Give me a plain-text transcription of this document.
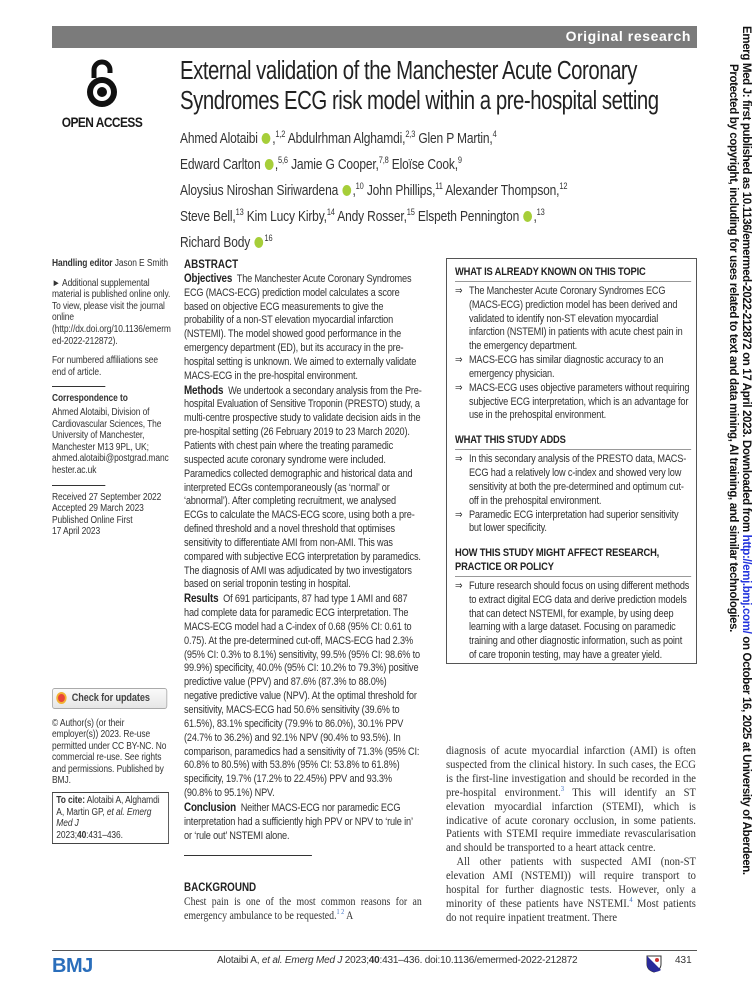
Original research
OPEN ACCESS
External validation of the Manchester Acute Coronary Syndromes ECG risk model within a pre-hospital setting
Ahmed Alotaibi ,$^{1,2}$ Abdulrhman Alghamdi,$^{2,3}$ Glen P Martin,$^4$
Edward Carlton ,$^{5,6}$ Jamie G Cooper,$^{7,8}$ Eloïse Cook,$^9$
Aloysius Niroshan Siriwardena ,$^{10}$ John Phillips,$^{11}$ Alexander Thompson,$^{12}$
Steve Bell,$^{13}$ Kim Lucy Kirby,$^{14}$ Andy Rosser,$^{15}$ Elspeth Pennington ,$^{13}$
Richard Body $^{16}$

Handling editor Jason E Smith

► Additional supplemental material is published online only. To view, please visit the journal online (http://dx.doi.org/10.1136/emermed-2022-212872).

For numbered affiliations see end of article.

Correspondence to

Ahmed Alotaibi, Division of Cardiovascular Sciences, The University of Manchester, Manchester M13 9PL, UK; ahmed.alotaibi@postgrad.manchester.ac.uk

Received 27 September 2022
Accepted 29 March 2023
Published Online First
17 April 2023

Check for updates
© Author(s) (or their employer(s)) 2023. Re-use permitted under CC BY-NC. No commercial re-use. See rights and permissions. Published by BMJ.
To cite: Alotaibi A, Alghamdi A, Martin GP, et al. Emerg Med J
2023;40:431–436.
ABSTRACT

Objectives The Manchester Acute Coronary Syndromes ECG (MACS-ECG) prediction model calculates a score based on objective ECG measurements to give the probability of a non-ST elevation myocardial infarction (NSTEMI). The model showed good performance in the emergency department (ED), but its accuracy in the pre-hospital setting is unknown. We aimed to externally validate MACS-ECG in the pre-hospital environment.

Methods We undertook a secondary analysis from the Pre-hospital Evaluation of Sensitive Troponin (PRESTO) study, a multi-centre prospective study to validate decision aids in the pre-hospital setting (26 February 2019 to 23 March 2020). Patients with chest pain where the treating paramedic suspected acute coronary syndrome were included. Paramedics collected demographic and historical data and interpreted ECGs contemporaneously (as ‘normal’ or ‘abnormal’). After completing recruitment, we analysed ECGs to calculate the MACS-ECG score, using both a pre-defined threshold and a novel threshold that optimises sensitivity to differentiate AMI from non-AMI. This was compared with subjective ECG interpretation by paramedics. The diagnosis of AMI was adjudicated by two investigators based on serial troponin testing in hospital.

Results Of 691 participants, 87 had type 1 AMI and 687 had complete data for paramedic ECG interpretation. The MACS-ECG model had a C-index of 0.68 (95% CI: 0.61 to 0.75). At the pre-determined cut-off, MACS-ECG had 2.3% (95% CI: 0.3% to 8.1%) sensitivity, 99.5% (95% CI: 98.6% to 99.9%) specificity, 40.0% (95% CI: 10.2% to 79.3%) positive predictive value (PPV) and 87.6% (87.3% to 88.0%) negative predictive value (NPV). At the optimal threshold for sensitivity, MACS-ECG had 50.6% sensitivity (39.6% to 61.5%), 83.1% specificity (79.9% to 86.0%), 30.1% PPV (24.7% to 36.2%) and 92.1% NPV (90.4% to 93.5%). In comparison, paramedics had a sensitivity of 71.3% (95% CI: 60.8% to 80.5%) with 53.8% (95% CI: 53.8% to 61.8%) specificity, 19.7% (17.2% to 22.45%) PPV and 93.3% (90.8% to 95.1%) NPV.

Conclusion Neither MACS-ECG nor paramedic ECG interpretation had a sufficiently high PPV or NPV to ‘rule in’ or ‘rule out’ NSTEMI alone.

BACKGROUND
Chest pain is one of the most common reasons for an emergency ambulance to be requested.$^{1 2}$ A
WHAT IS ALREADY KNOWN ON THIS TOPIC
⇒ The Manchester Acute Coronary Syndromes ECG (MACS-ECG) prediction model has been derived and validated to identify non-ST elevation myocardial infarction (NSTEMI) in patients with acute chest pain in the emergency department.
⇒ MACS-ECG has similar diagnostic accuracy to an emergency physician.
⇒ MACS-ECG uses objective parameters without requiring subjective ECG interpretation, which is an advantage for use in the prehospital environment.
WHAT THIS STUDY ADDS
⇒ In this secondary analysis of the PRESTO data, MACS-ECG had a relatively low c-index and showed very low sensitivity at both the pre-determined and optimum cut-off in the prehospital environment.
⇒ Paramedic ECG interpretation had superior sensitivity but lower specificity.
HOW THIS STUDY MIGHT AFFECT RESEARCH, PRACTICE OR POLICY
⇒ Future research should focus on using different methods to extract digital ECG data and derive prediction models that can detect NSTEMI, for example, by using deep learning with a large dataset. Focusing on paramedic training and other diagnostic information, such as point of care troponin testing, may have a greater yield.

diagnosis of acute myocardial infarction (AMI) is often suspected from the clinical history. In such cases, the ECG is the first-line investigation and should be recorded in the pre-hospital environment.$^3$ This will identify an ST elevation myocardial infarction (STEMI), which is indicative of acute coronary occlusion, in some patients. Patients with STEMI require immediate revascularisation and should be transported to a heart attack centre.

All other patients with suspected AMI (non-ST elevation AMI (NSTEMI)) will require transport to hospital for further diagnostic tests. However, only a minority of these patients have NSTEMI.$^4$ Most patients do not require inpatient treatment. There

BMJ	Alotaibi A, et al. Emerg Med J 2023;40:431–436. doi:10.1136/emermed-2022-212872	431
Emerg Med J: first published as 10.1136/emermed-2022-212872 on 17 April 2023. Downloaded from http://emj.bmj.com/ on October 16, 2025 at University of Aberdeen.
Protected by copyright, including for uses related to text and data mining, AI training, and similar technologies.
